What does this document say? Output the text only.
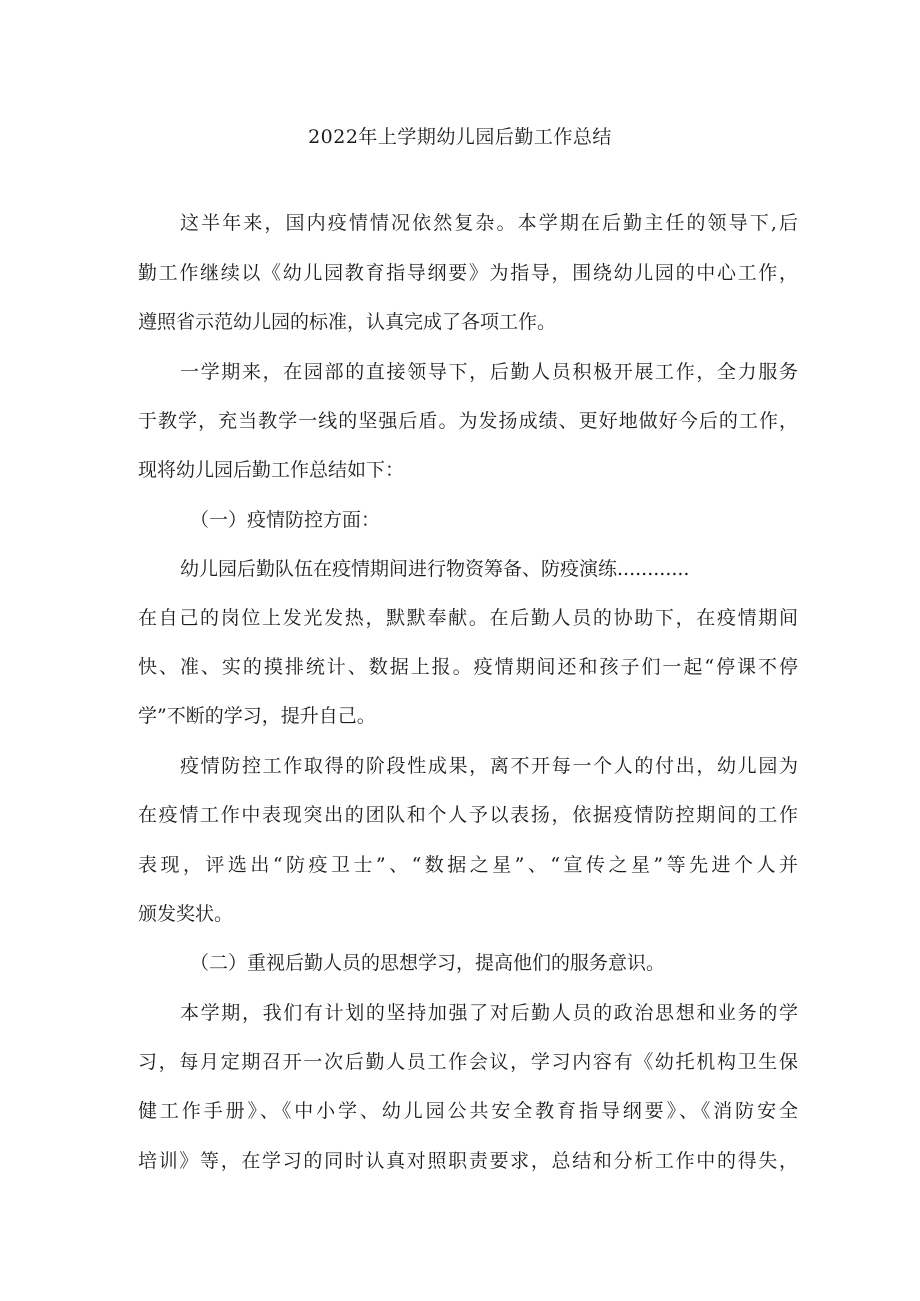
2022年上学期幼儿园后勤工作总结
这半年来，国内疫情情况依然复杂。本学期在后勤主任的领导下,后
勤工作继续以《幼儿园教育指导纲要》为指导，围绕幼儿园的中心工作，
遵照省示范幼儿园的标准，认真完成了各项工作。
一学期来，在园部的直接领导下，后勤人员积极开展工作，全力服务
于教学，充当教学一线的坚强后盾。为发扬成绩、更好地做好今后的工作，
现将幼儿园后勤工作总结如下：
（一）疫情防控方面：
幼儿园后勤队伍在疫情期间进行物资筹备、防疫演练............
在自己的岗位上发光发热，默默奉献。在后勤人员的协助下，在疫情期间
快、准、实的摸排统计、数据上报。疫情期间还和孩子们一起“停课不停
学”不断的学习，提升自己。
疫情防控工作取得的阶段性成果，离不开每一个人的付出，幼儿园为
在疫情工作中表现突出的团队和个人予以表扬，依据疫情防控期间的工作
表现，评选出“防疫卫士”、“数据之星”、“宣传之星”等先进个人并
颁发奖状。
（二）重视后勤人员的思想学习，提高他们的服务意识。
本学期，我们有计划的坚持加强了对后勤人员的政治思想和业务的学
习，每月定期召开一次后勤人员工作会议，学习内容有《幼托机构卫生保
健工作手册》、《中小学、幼儿园公共安全教育指导纲要》、《消防安全
培训》等，在学习的同时认真对照职责要求，总结和分析工作中的得失，
